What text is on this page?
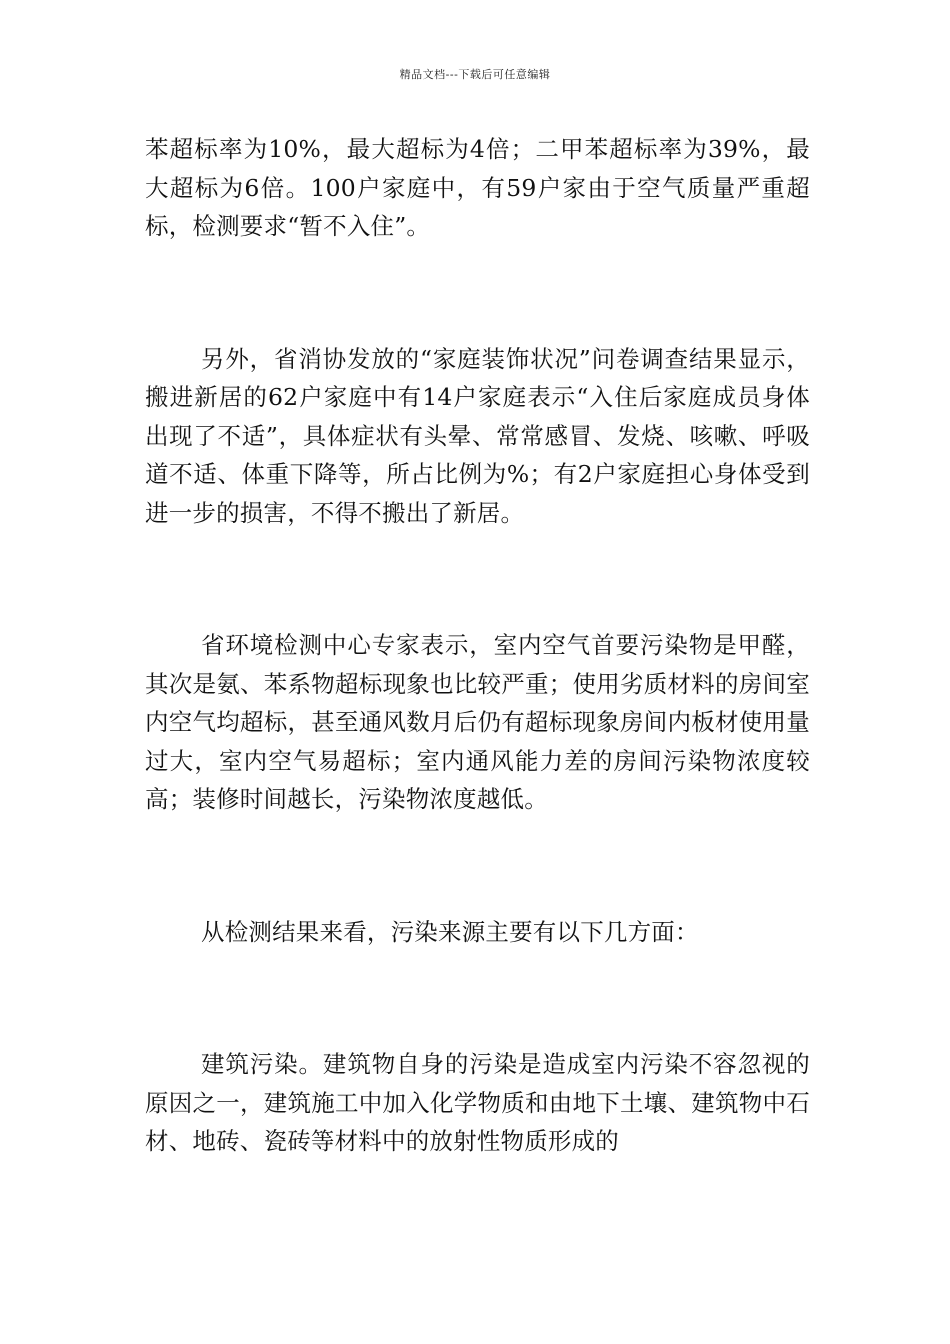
精品文档---下载后可任意编辑

苯超标率为10%，最大超标为4倍；二甲苯超标率为39%，最大超标为6倍。100户家庭中，有59户家由于空气质量严重超标，检测要求“暂不入住”。

另外，省消协发放的“家庭装饰状况”问卷调查结果显示，搬进新居的62户家庭中有14户家庭表示“入住后家庭成员身体出现了不适”，具体症状有头晕、常常感冒、发烧、咳嗽、呼吸道不适、体重下降等，所占比例为%；有2户家庭担心身体受到进一步的损害，不得不搬出了新居。

省环境检测中心专家表示，室内空气首要污染物是甲醛，其次是氨、苯系物超标现象也比较严重；使用劣质材料的房间室内空气均超标，甚至通风数月后仍有超标现象房间内板材使用量过大，室内空气易超标；室内通风能力差的房间污染物浓度较高；装修时间越长，污染物浓度越低。

从检测结果来看，污染来源主要有以下几方面：

建筑污染。建筑物自身的污染是造成室内污染不容忽视的原因之一，建筑施工中加入化学物质和由地下土壤、建筑物中石材、地砖、瓷砖等材料中的放射性物质形成的
